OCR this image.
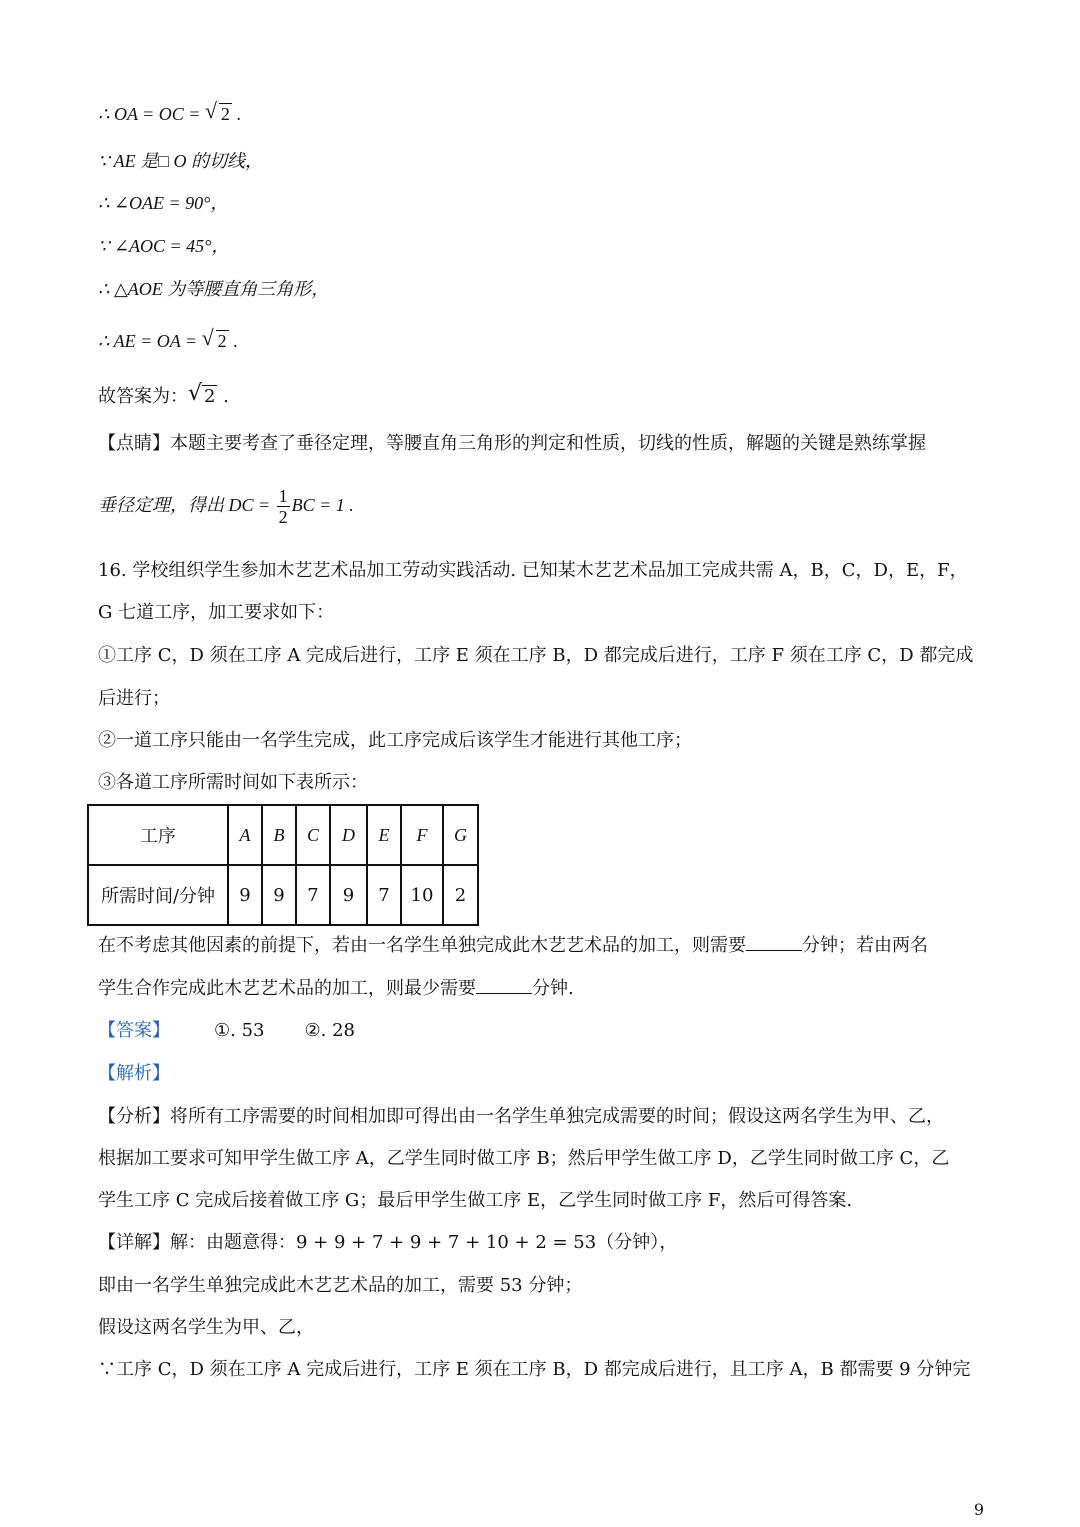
∴ OA = OC = √ 2 .
∵ AE 是□ O 的切线，
∴ ∠OAE = 90°，
∵ ∠AOC = 45°，
∴ △AOE 为等腰直角三角形，
∴ AE = OA = √ 2 .
故答案为： √ 2 .
【点睛】本题主要考查了垂径定理，等腰直角三角形的判定和性质，切线的性质，解题的关键是熟练掌握
垂径定理，得出 DC = $\frac{1}{2}$ BC = 1 .
16. 学校组织学生参加木艺艺术品加工劳动实践活动. 已知某木艺艺术品加工完成共需 A，B，C，D，E，F，
G 七道工序，加工要求如下：
①工序 C，D 须在工序 A 完成后进行，工序 E 须在工序 B，D 都完成后进行，工序 F 须在工序 C，D 都完成
后进行；
②一道工序只能由一名学生完成，此工序完成后该学生才能进行其他工序；
③各道工序所需时间如下表所示：
工序	A	B	C	D	E	F	G
所需时间/分钟	9	9	7	9	7	10	2
在不考虑其他因素的前提下，若由一名学生单独完成此木艺艺术品的加工，则需要	分钟；若由两名
学生合作完成此木艺艺术品的加工，则最少需要	分钟.
【答案】 ①. 53 ②. 28
【解析】
【分析】将所有工序需要的时间相加即可得出由一名学生单独完成需要的时间；假设这两名学生为甲、乙，
根据加工要求可知甲学生做工序 A，乙学生同时做工序 B；然后甲学生做工序 D，乙学生同时做工序 C，乙
学生工序 C 完成后接着做工序 G；最后甲学生做工序 E，乙学生同时做工序 F，然后可得答案.
【详解】解：由题意得：9 + 9 + 7 + 9 + 7 + 10 + 2 = 53（分钟），
即由一名学生单独完成此木艺艺术品的加工，需要 53 分钟；
假设这两名学生为甲、乙，
∵工序 C，D 须在工序 A 完成后进行，工序 E 须在工序 B，D 都完成后进行，且工序 A，B 都需要 9 分钟完
9
